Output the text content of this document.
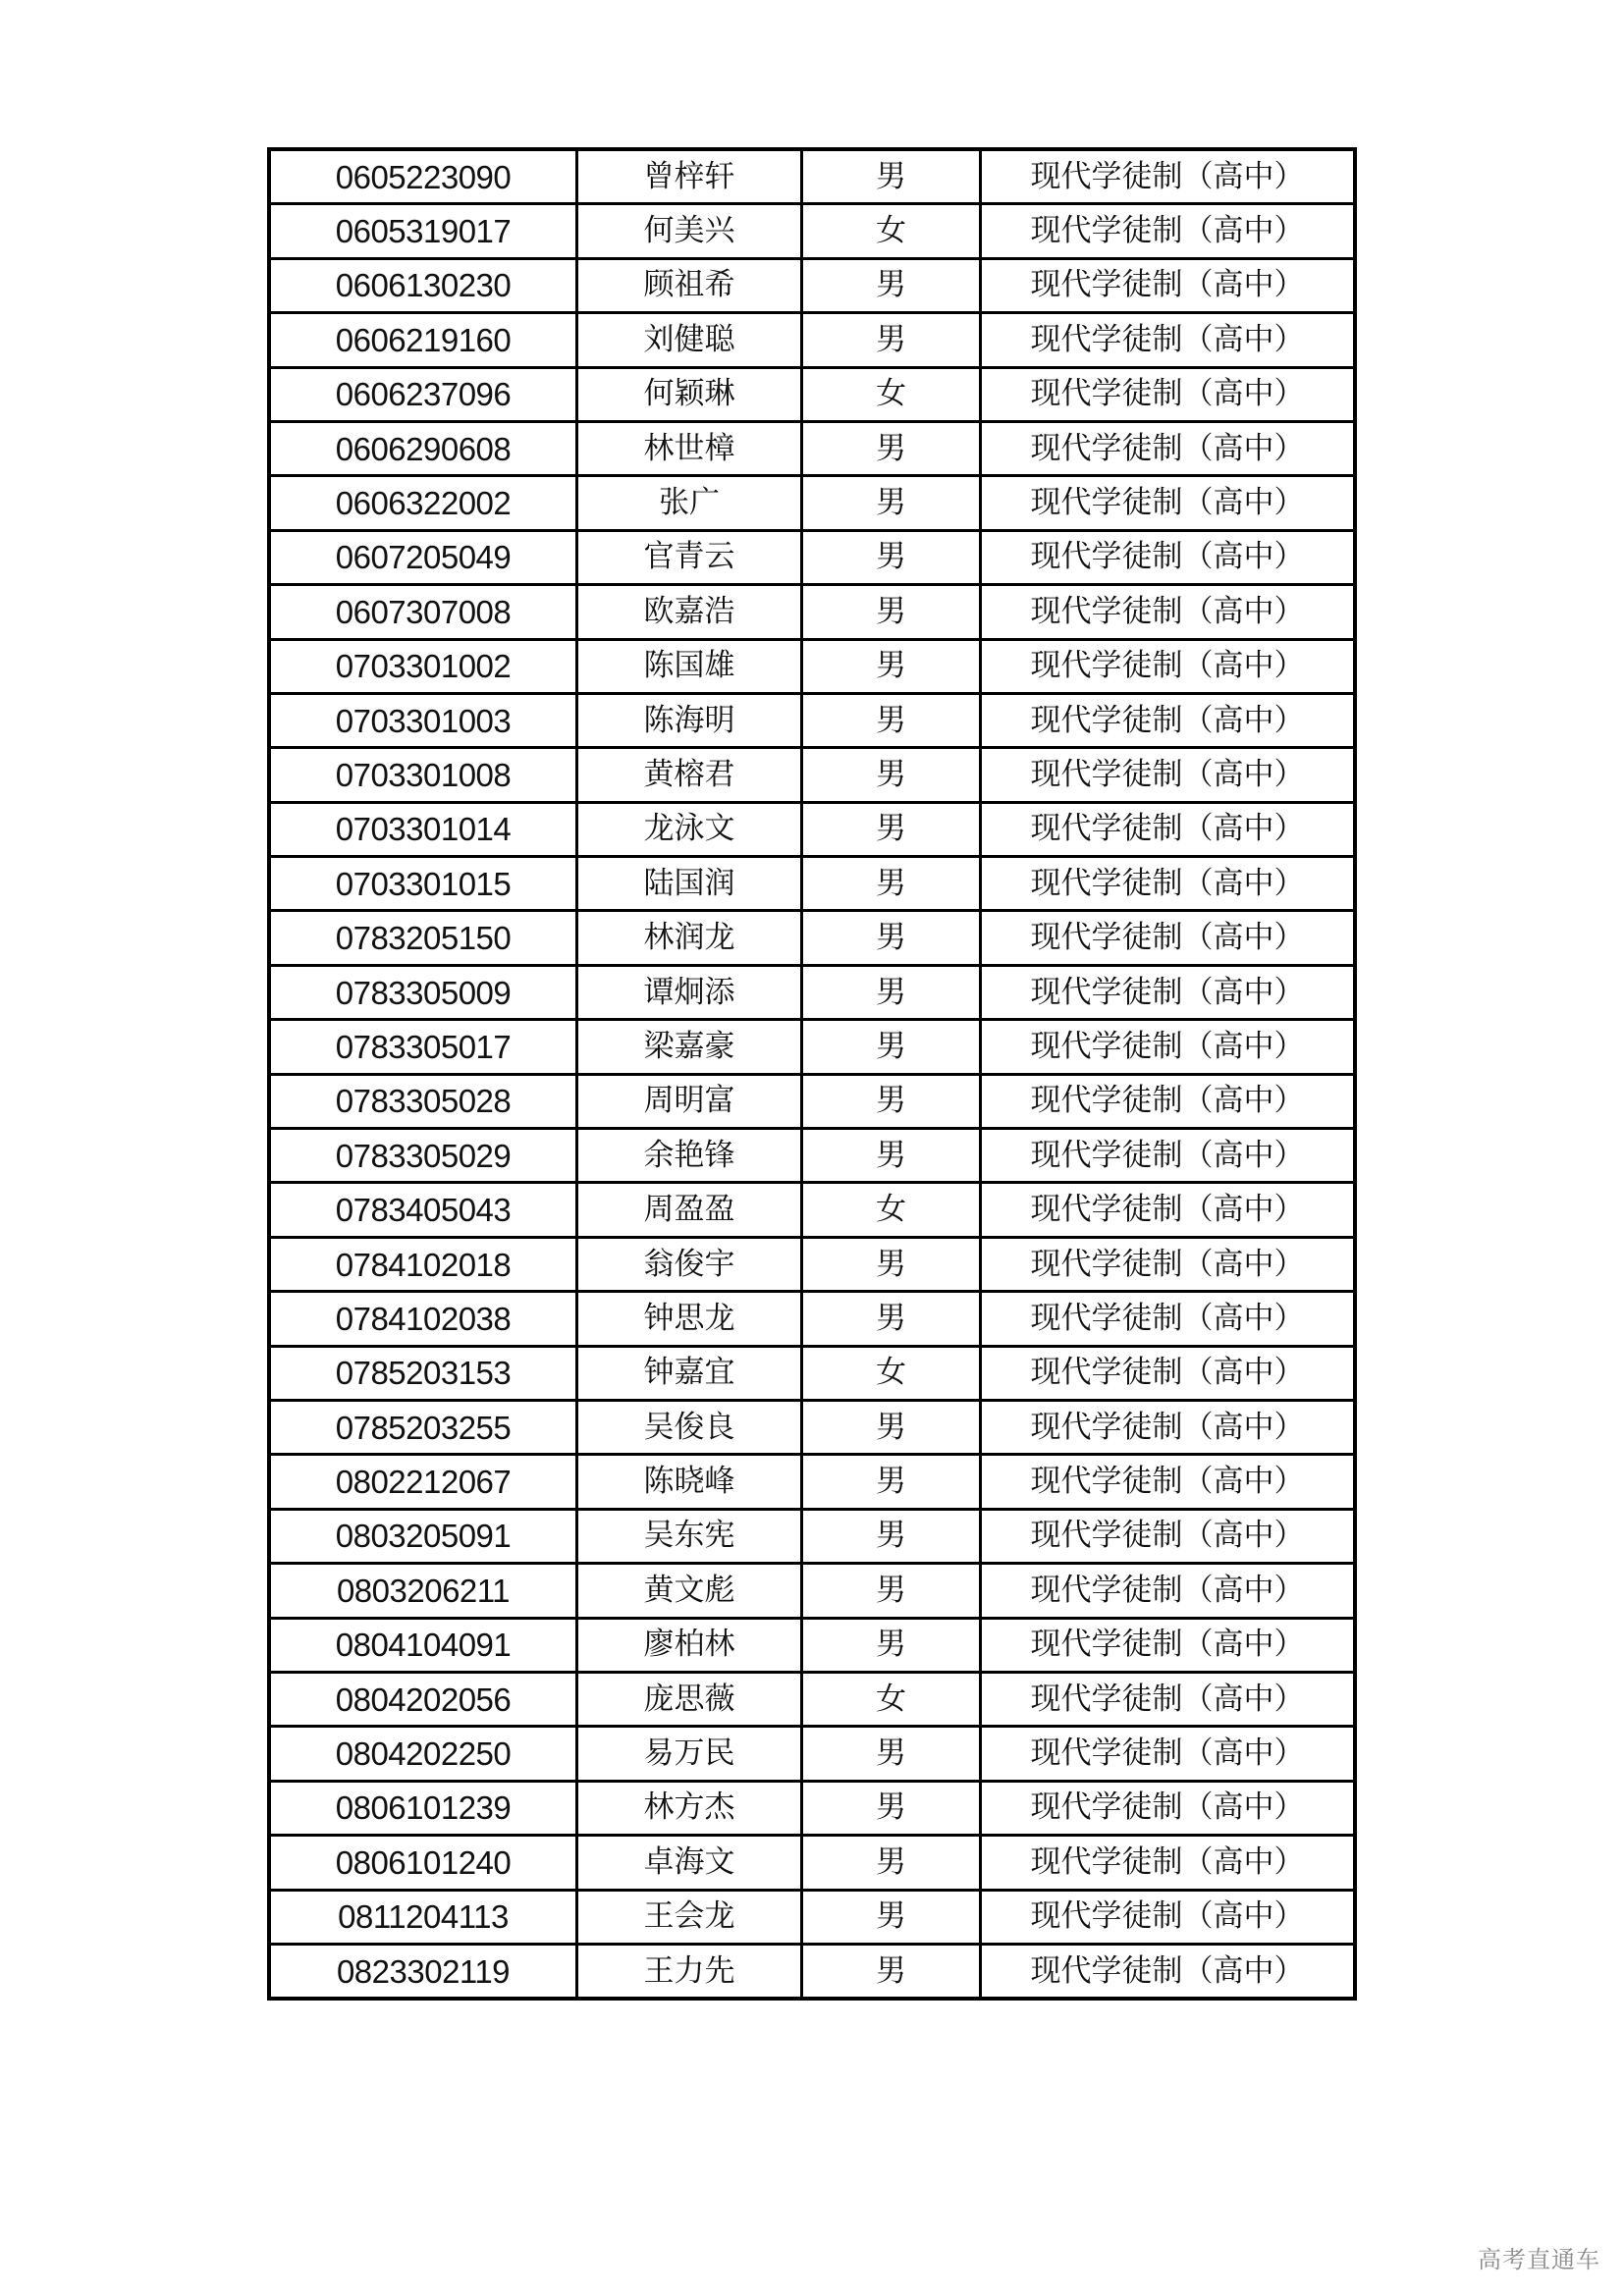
0605223090	曾梓轩	男	现代学徒制（高中）
0605319017	何美兴	女	现代学徒制（高中）
0606130230	顾祖希	男	现代学徒制（高中）
0606219160	刘健聪	男	现代学徒制（高中）
0606237096	何颖琳	女	现代学徒制（高中）
0606290608	林世樟	男	现代学徒制（高中）
0606322002	张广	男	现代学徒制（高中）
0607205049	官青云	男	现代学徒制（高中）
0607307008	欧嘉浩	男	现代学徒制（高中）
0703301002	陈国雄	男	现代学徒制（高中）
0703301003	陈海明	男	现代学徒制（高中）
0703301008	黄榕君	男	现代学徒制（高中）
0703301014	龙泳文	男	现代学徒制（高中）
0703301015	陆国润	男	现代学徒制（高中）
0783205150	林润龙	男	现代学徒制（高中）
0783305009	谭炯添	男	现代学徒制（高中）
0783305017	梁嘉豪	男	现代学徒制（高中）
0783305028	周明富	男	现代学徒制（高中）
0783305029	余艳锋	男	现代学徒制（高中）
0783405043	周盈盈	女	现代学徒制（高中）
0784102018	翁俊宇	男	现代学徒制（高中）
0784102038	钟思龙	男	现代学徒制（高中）
0785203153	钟嘉宜	女	现代学徒制（高中）
0785203255	吴俊良	男	现代学徒制（高中）
0802212067	陈晓峰	男	现代学徒制（高中）
0803205091	吴东宪	男	现代学徒制（高中）
0803206211	黄文彪	男	现代学徒制（高中）
0804104091	廖柏林	男	现代学徒制（高中）
0804202056	庞思薇	女	现代学徒制（高中）
0804202250	易万民	男	现代学徒制（高中）
0806101239	林方杰	男	现代学徒制（高中）
0806101240	卓海文	男	现代学徒制（高中）
0811204113	王会龙	男	现代学徒制（高中）
0823302119	王力先	男	现代学徒制（高中）
高考直通车
